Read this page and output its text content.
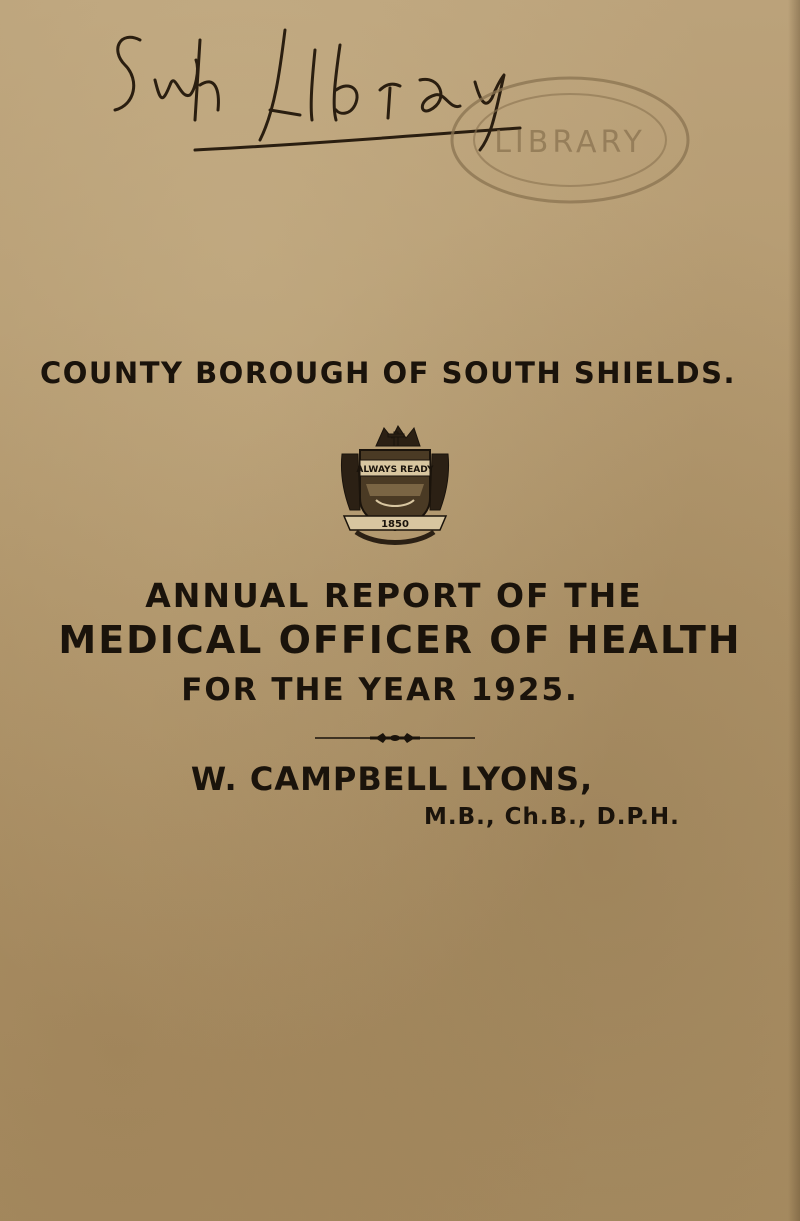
LIBRARY
COUNTY BOROUGH OF SOUTH SHIELDS.
ALWAYS READY
1850
ANNUAL REPORT OF THE
MEDICAL OFFICER OF HEALTH
FOR THE YEAR 1925.
W. CAMPBELL LYONS,
M.B., Ch.B., D.P.H.
